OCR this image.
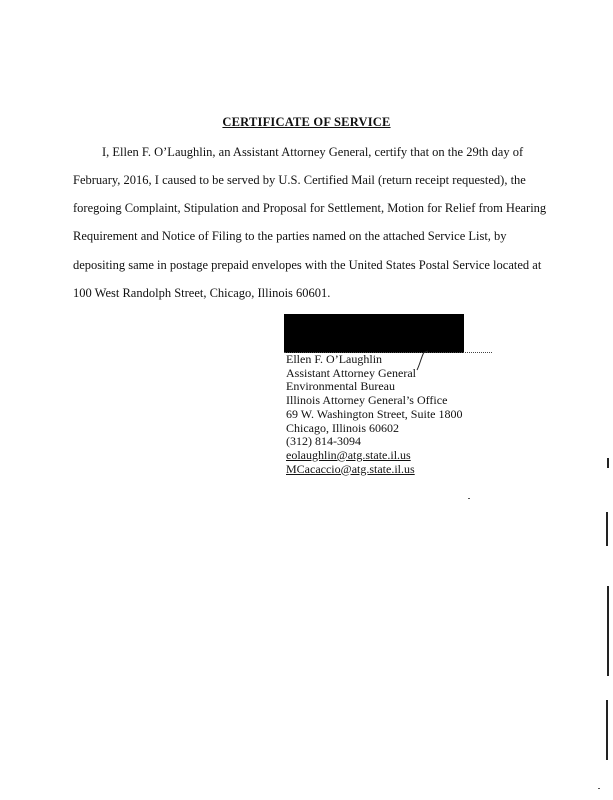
CERTIFICATE OF SERVICE
I, Ellen F. O’Laughlin, an Assistant Attorney General, certify that on the 29th day of
February, 2016, I caused to be served by U.S. Certified Mail (return receipt requested), the
foregoing Complaint, Stipulation and Proposal for Settlement, Motion for Relief from Hearing
Requirement and Notice of Filing to the parties named on the attached Service List, by
depositing same in postage prepaid envelopes with the United States Postal Service located at
100 West Randolph Street, Chicago, Illinois 60601.
Ellen F. O’Laughlin
Assistant Attorney General
Environmental Bureau
Illinois Attorney General’s Office
69 W. Washington Street, Suite 1800
Chicago, Illinois 60602
(312) 814-3094
eolaughlin@atg.state.il.us
MCacaccio@atg.state.il.us
